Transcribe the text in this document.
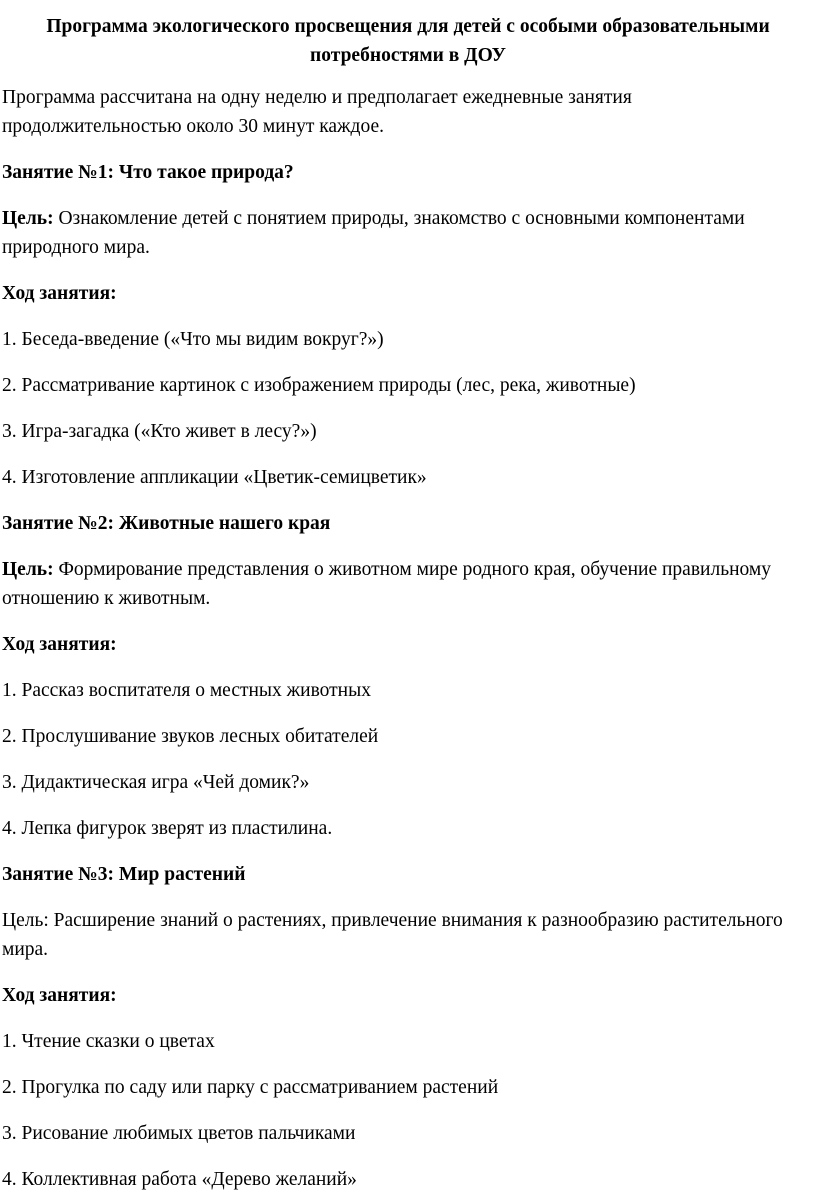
Программа экологического просвещения для детей с особыми образовательными потребностями в ДОУ

Программа рассчитана на одну неделю и предполагает ежедневные занятия продолжительностью около 30 минут каждое.

Занятие №1: Что такое природа?

Цель: Ознакомление детей с понятием природы, знакомство с основными компонентами природного мира.

Ход занятия:

1. Беседа-введение («Что мы видим вокруг?»)

2. Рассматривание картинок с изображением природы (лес, река, животные)

3. Игра-загадка («Кто живет в лесу?»)

4. Изготовление аппликации «Цветик-семицветик»

Занятие №2: Животные нашего края

Цель: Формирование представления о животном мире родного края, обучение правильному отношению к животным.

Ход занятия:

1. Рассказ воспитателя о местных животных

2. Прослушивание звуков лесных обитателей

3. Дидактическая игра «Чей домик?»

4. Лепка фигурок зверят из пластилина.

Занятие №3: Мир растений

Цель: Расширение знаний о растениях, привлечение внимания к разнообразию растительного мира.

Ход занятия:

1. Чтение сказки о цветах

2. Прогулка по саду или парку с рассматриванием растений

3. Рисование любимых цветов пальчиками

4. Коллективная работа «Дерево желаний»
